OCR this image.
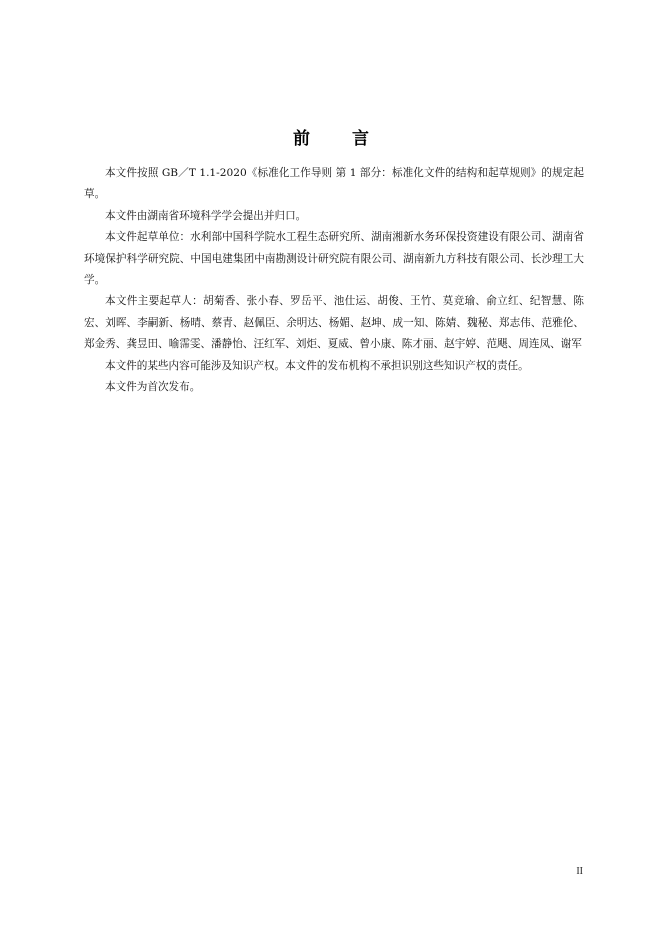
前 言

本文件按照 GB／T 1.1-2020《标准化工作导则 第 1 部分：标准化文件的结构和起草规则》的规定起草。

本文件由湖南省环境科学学会提出并归口。

本文件起草单位：水利部中国科学院水工程生态研究所、湖南湘新水务环保投资建设有限公司、湖南省环境保护科学研究院、中国电建集团中南勘测设计研究院有限公司、湖南新九方科技有限公司、长沙理工大学。

本文件主要起草人：胡菊香、张小春、罗岳平、池仕运、胡俊、王竹、莫竞瑜、俞立红、纪智慧、陈宏、刘晖、李嗣新、杨晴、蔡青、赵佩臣、余明达、杨媚、赵坤、成一知、陈婧、魏秘、郑志伟、范雅伦、郑金秀、龚昱田、喻霈雯、潘静怡、汪红军、刘炬、夏威、曾小康、陈才丽、赵宇婷、范飓、周连凤、谢军

本文件的某些内容可能涉及知识产权。本文件的发布机构不承担识别这些知识产权的责任。

本文件为首次发布。

II
